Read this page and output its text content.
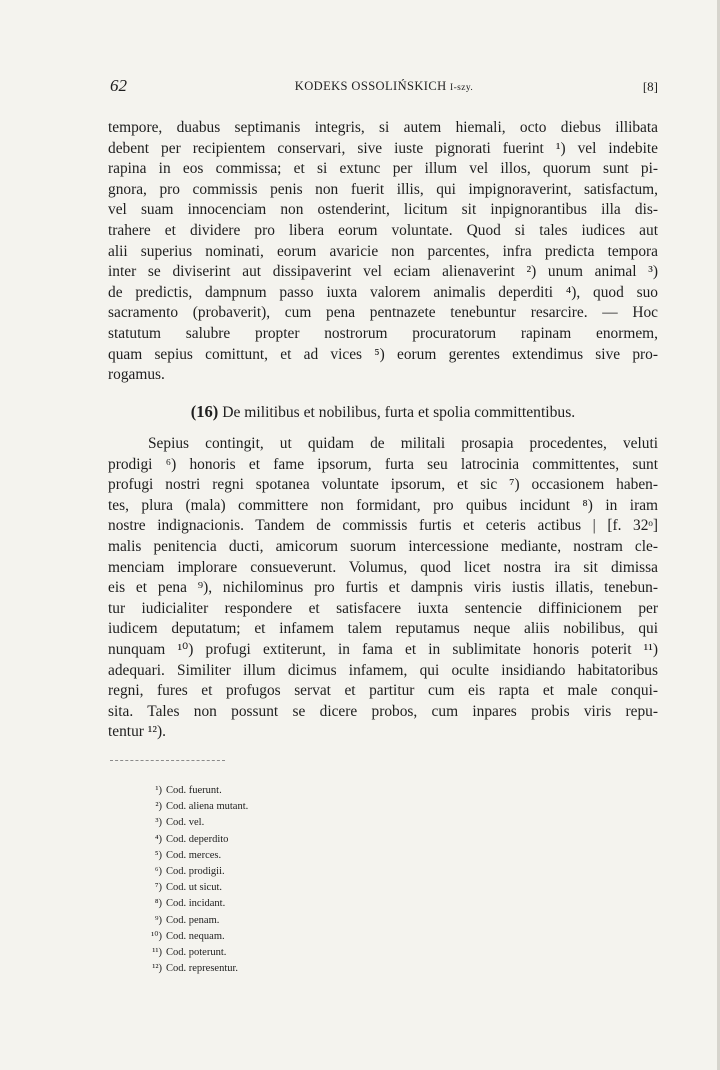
62	KODEKS OSSOLIŃSKICH I-szy.	[8]
tempore, duabus septimanis integris, si autem hiemali, octo diebus illibata
debent per recipientem conservari, sive iuste pignorati fuerint ¹) vel indebite
rapina in eos commissa; et si extunc per illum vel illos, quorum sunt pi-
gnora, pro commissis penis non fuerit illis, qui impignoraverint, satisfactum,
vel suam innocenciam non ostenderint, licitum sit inpignorantibus illa dis-
trahere et dividere pro libera eorum voluntate. Quod si tales iudices aut
alii superius nominati, eorum avaricie non parcentes, infra predicta tempora
inter se diviserint aut dissipaverint vel eciam alienaverint ²) unum animal ³)
de predictis, dampnum passo iuxta valorem animalis deperditi ⁴), quod suo
sacramento (probaverit), cum pena pentnazete tenebuntur resarcire. — Hoc
statutum salubre propter nostrorum procuratorum rapinam enormem,
quam sepius comittunt, et ad vices ⁵) eorum gerentes extendimus sive pro-
rogamus.
(16) De militibus et nobilibus, furta et spolia committentibus.
Sepius contingit, ut quidam de militali prosapia procedentes, veluti
prodigi ⁶) honoris et fame ipsorum, furta seu latrocinia committentes, sunt
profugi nostri regni spotanea voluntate ipsorum, et sic ⁷) occasionem haben-
tes, plura (mala) committere non formidant, pro quibus incidunt ⁸) in iram
nostre indignacionis. Tandem de commissis furtis et ceteris actibus | [f. 32ᵒ]
malis penitencia ducti, amicorum suorum intercessione mediante, nostram cle-
menciam implorare consueverunt. Volumus, quod licet nostra ira sit dimissa
eis et pena ⁹), nichilominus pro furtis et dampnis viris iustis illatis, tenebun-
tur iudicialiter respondere et satisfacere iuxta sentencie diffinicionem per
iudicem deputatum; et infamem talem reputamus neque aliis nobilibus, qui
nunquam ¹⁰) profugi extiterunt, in fama et in sublimitate honoris poterit ¹¹)
adequari. Similiter illum dicimus infamem, qui oculte insidiando habitatoribus
regni, fures et profugos servat et partitur cum eis rapta et male conqui-
sita. Tales non possunt se dicere probos, cum inpares probis viris repu-
tentur ¹²).
¹) Cod. fuerunt.
²) Cod. aliena mutant.
³) Cod. vel.
⁴) Cod. deperdito
⁵) Cod. merces.
⁶) Cod. prodigii.
⁷) Cod. ut sicut.
⁸) Cod. incidant.
⁹) Cod. penam.
¹⁰) Cod. nequam.
¹¹) Cod. poterunt.
¹²) Cod. representur.
